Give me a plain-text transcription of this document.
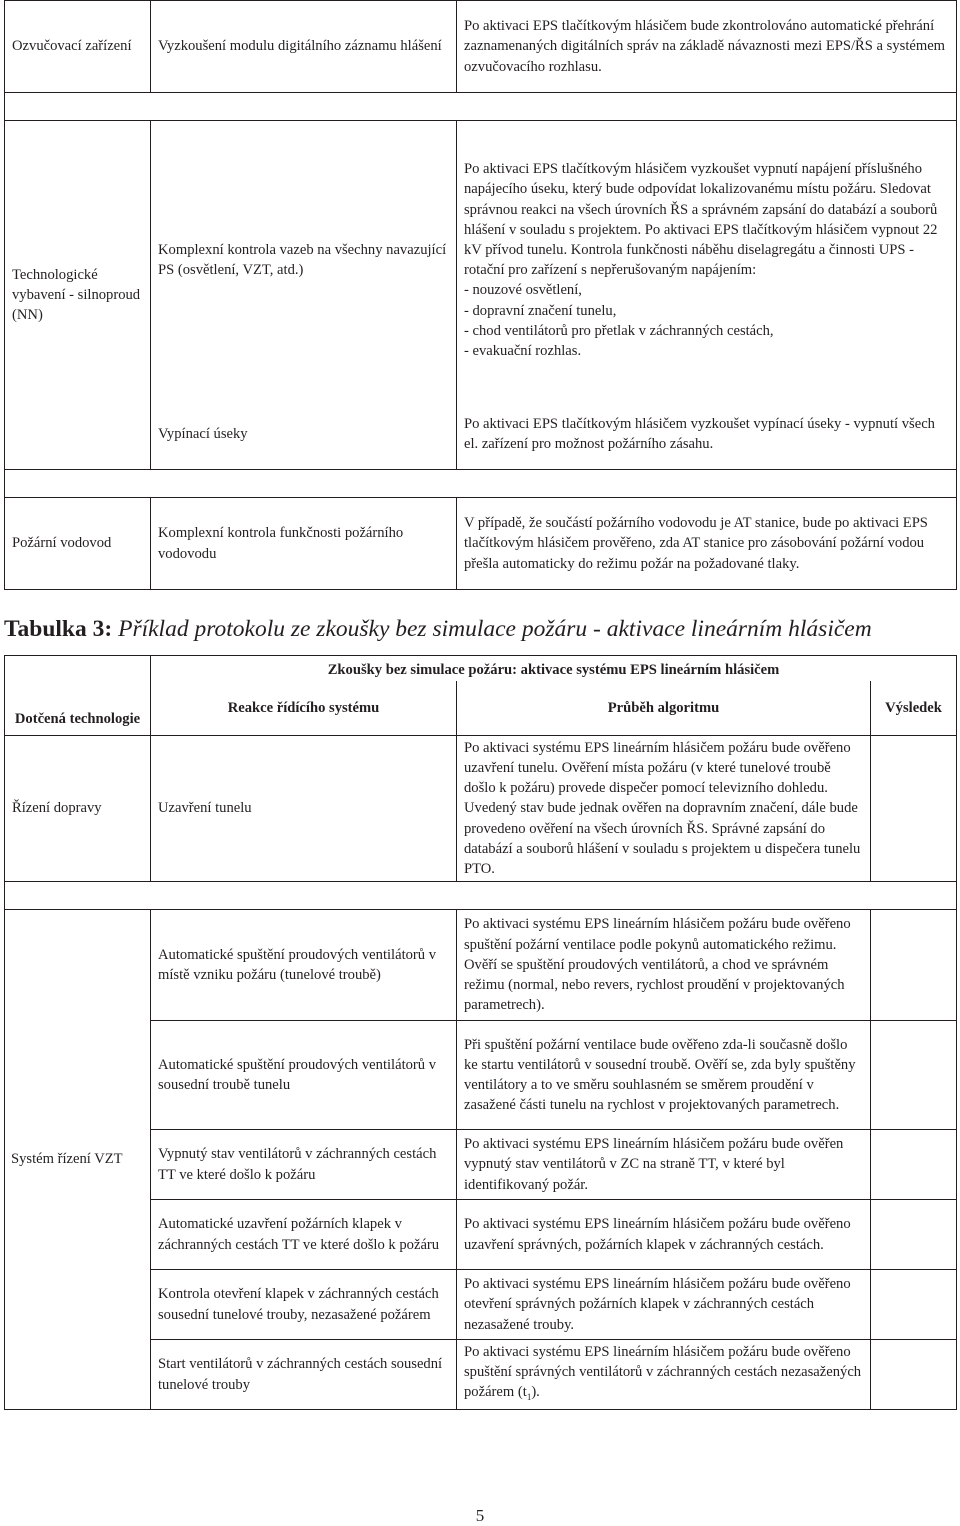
Ozvučovací zařízení	Vyzkoušení modulu digitálního záznamu hlášení	Po aktivaci EPS tlačítkovým hlásičem bude zkontrolováno automatické přehrání zaznamenaných digitálních správ na základě návaznosti mezi EPS/ŘS a systémem ozvučovacího rozhlasu.

Technologické vybavení - silnoproud (NN)	Komplexní kontrola vazeb na všechny navazující PS (osvětlení, VZT, atd.)	Po aktivaci EPS tlačítkovým hlásičem vyzkoušet vypnutí napájení příslušného napájecího úseku, který bude odpovídat lokalizovanému místu požáru. Sledovat správnou reakci na všech úrovních ŘS a správném zapsání do databází a souborů hlášení v souladu s projektem. Po aktivaci EPS tlačítkovým hlásičem vypnout 22 kV přívod tunelu. Kontrola funkčnosti náběhu diselagregátu a činnosti UPS - rotační pro zařízení s nepřerušovaným napájením:
- nouzové osvětlení,
- dopravní značení tunelu,
- chod ventilátorů pro přetlak v záchranných cestách,
- evakuační rozhlas.
	Vypínací úseky	Po aktivaci EPS tlačítkovým hlásičem vyzkoušet vypínací úseky - vypnutí všech el. zařízení pro možnost požárního zásahu.

Požární vodovod	Komplexní kontrola funkčnosti požárního vodovodu	V případě, že součástí požárního vodovodu je AT stanice, bude po aktivaci EPS tlačítkovým hlásičem prověřeno, zda AT stanice pro zásobování požární vodou přešla automaticky do režimu požár na požadované tlaky.

Tabulka 3: Příklad protokolu ze zkoušky bez simulace požáru - aktivace lineárním hlásičem

Dotčená technologie	Zkoušky bez simulace požáru: aktivace systému EPS lineárním hlásičem		
	Reakce řídícího systému	Průběh algoritmu	Výsledek
Řízení dopravy	Uzavření tunelu	Po aktivaci systému EPS lineárním hlásičem požáru bude ověřeno uzavření tunelu. Ověření místa požáru (v které tunelové troubě došlo k požáru) provede dispečer pomocí televizního dohledu. Uvedený stav bude jednak ověřen na dopravním značení, dále bude provedeno ověření na všech úrovních ŘS. Správné zapsání do databází a souborů hlášení v souladu s projektem u dispečera tunelu PTO.	

Systém řízení VZT	Automatické spuštění proudových ventilátorů v místě vzniku požáru (tunelové troubě)	Po aktivaci systému EPS lineárním hlásičem požáru bude ověřeno spuštění požární ventilace podle pokynů automatického režimu. Ověří se spuštění proudových ventilátorů, a chod ve správném režimu (normal, nebo revers, rychlost proudění v projektovaných parametrech).	
	Automatické spuštění proudových ventilátorů v sousední troubě tunelu	Při spuštění požární ventilace bude ověřeno zda-li současně došlo ke startu ventilátorů v sousední troubě. Ověří se, zda byly spuštěny ventilátory a to ve směru souhlasném se směrem proudění v zasažené části tunelu na rychlost v projektovaných parametrech.	
	Vypnutý stav ventilátorů v záchranných cestách TT ve které došlo k požáru	Po aktivaci systému EPS lineárním hlásičem požáru bude ověřen vypnutý stav ventilátorů v ZC na straně TT, v které byl identifikovaný požár.	
	Automatické uzavření požárních klapek v záchranných cestách TT ve které došlo k požáru	Po aktivaci systému EPS lineárním hlásičem požáru bude ověřeno uzavření správných, požárních klapek v záchranných cestách.	
	Kontrola otevření klapek v záchranných cestách sousední tunelové trouby, nezasažené požárem	Po aktivaci systému EPS lineárním hlásičem požáru bude ověřeno otevření správných požárních klapek v záchranných cestách nezasažené trouby.	
	Start ventilátorů v záchranných cestách sousední tunelové trouby	Po aktivaci systému EPS lineárním hlásičem požáru bude ověřeno spuštění správných ventilátorů v záchranných cestách nezasažených požárem $(t_1)$.	
5
